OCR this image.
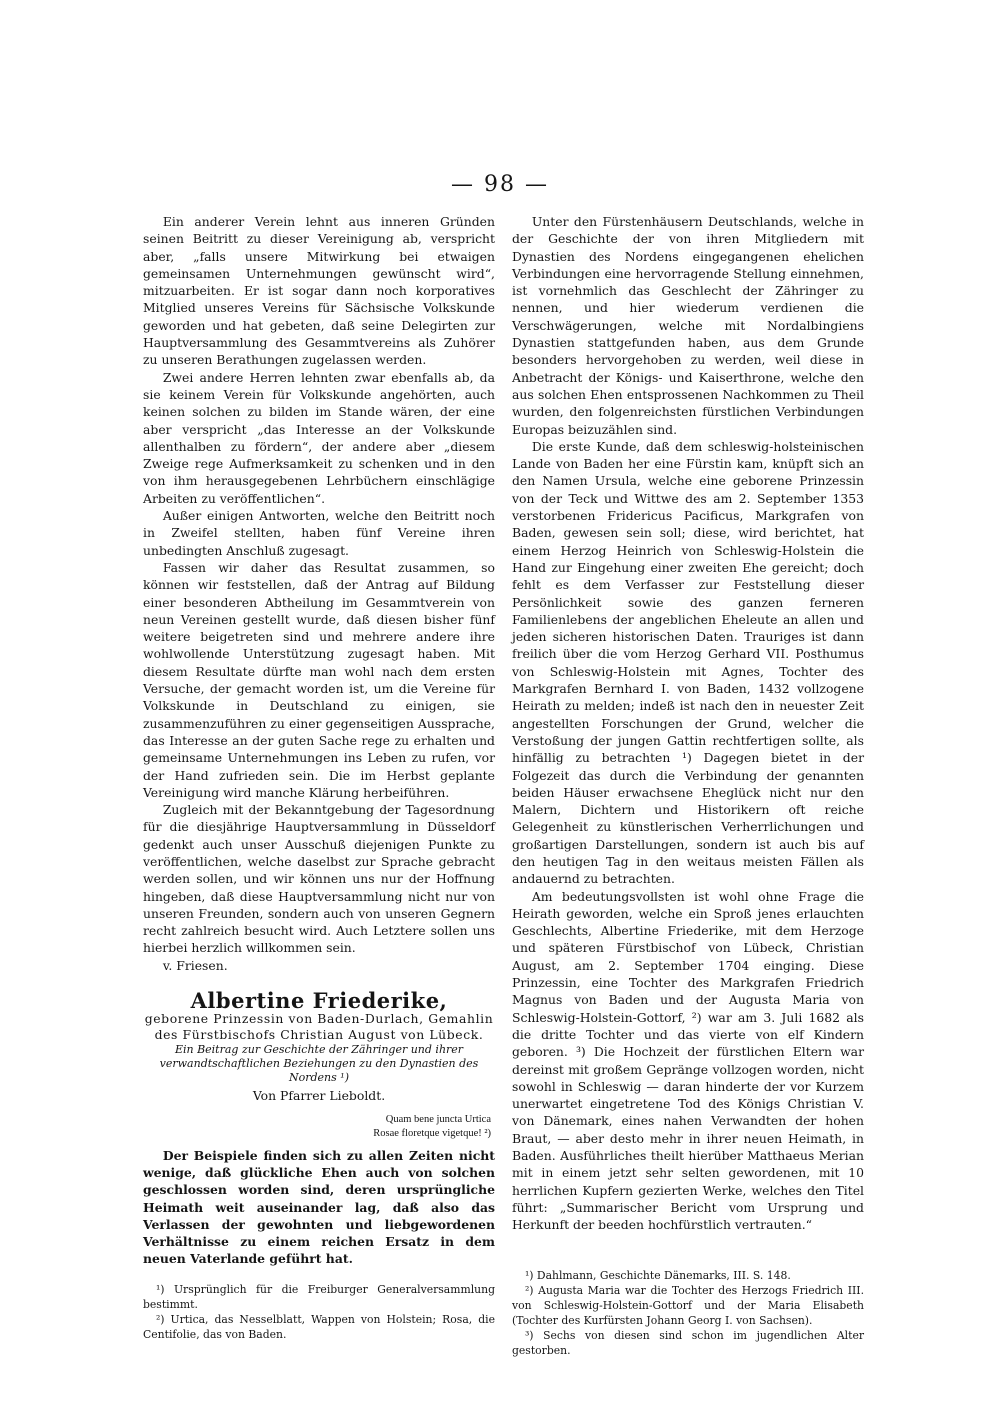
— 98 —

Ein anderer Verein lehnt aus inneren Gründen seinen Beitritt zu dieser Vereinigung ab, verspricht aber, „falls unsere Mitwirkung bei etwaigen gemeinsamen Unternehmungen gewünscht wird“, mitzuarbeiten. Er ist sogar dann noch korporatives Mitglied unseres Vereins für Sächsische Volkskunde geworden und hat gebeten, daß seine Delegirten zur Hauptversammlung des Gesammtvereins als Zuhörer zu unseren Berathungen zugelassen werden.

Zwei andere Herren lehnten zwar ebenfalls ab, da sie keinem Verein für Volkskunde angehörten, auch keinen solchen zu bilden im Stande wären, der eine aber verspricht „das Interesse an der Volkskunde allenthalben zu fördern“, der andere aber „diesem Zweige rege Aufmerksamkeit zu schenken und in den von ihm herausgegebenen Lehrbüchern einschlägige Arbeiten zu veröffentlichen“.

Außer einigen Antworten, welche den Beitritt noch in Zweifel stellten, haben fünf Vereine ihren unbedingten Anschluß zugesagt.

Fassen wir daher das Resultat zusammen, so können wir feststellen, daß der Antrag auf Bildung einer besonderen Abtheilung im Gesammtverein von neun Vereinen gestellt wurde, daß diesen bisher fünf weitere beigetreten sind und mehrere andere ihre wohlwollende Unterstützung zugesagt haben. Mit diesem Resultate dürfte man wohl nach dem ersten Versuche, der gemacht worden ist, um die Vereine für Volkskunde in Deutschland zu einigen, sie zusammenzuführen zu einer gegenseitigen Aussprache, das Interesse an der guten Sache rege zu erhalten und gemeinsame Unternehmungen ins Leben zu rufen, vor der Hand zufrieden sein. Die im Herbst geplante Vereinigung wird manche Klärung herbeiführen.

Zugleich mit der Bekanntgebung der Tagesordnung für die diesjährige Hauptversammlung in Düsseldorf gedenkt auch unser Ausschuß diejenigen Punkte zu veröffentlichen, welche daselbst zur Sprache gebracht werden sollen, und wir können uns nur der Hoffnung hingeben, daß diese Hauptversammlung nicht nur von unseren Freunden, sondern auch von unseren Gegnern recht zahlreich besucht wird. Auch Letztere sollen uns hierbei herzlich willkommen sein.

v. Friesen.

Albertine Friederike,
geborene Prinzessin von Baden-Durlach, Gemahlin des Fürstbischofs Christian August von Lübeck.
Ein Beitrag zur Geschichte der Zähringer und ihrer verwandtschaftlichen Beziehungen zu den Dynastien des Nordens ¹)
Von Pfarrer Lieboldt.
Quam bene juncta Urtica
Rosae floretque vigetque! ²)

Der Beispiele finden sich zu allen Zeiten nicht wenige, daß glückliche Ehen auch von solchen geschlossen worden sind, deren ursprüngliche Heimath weit auseinander lag, daß also das Verlassen der gewohnten und liebgewordenen Verhältnisse zu einem reichen Ersatz in dem neuen Vaterlande geführt hat.

¹) Ursprünglich für die Freiburger Generalversammlung bestimmt.

²) Urtica, das Nesselblatt, Wappen von Holstein; Rosa, die Centifolie, das von Baden.

Unter den Fürstenhäusern Deutschlands, welche in der Geschichte der von ihren Mitgliedern mit Dynastien des Nordens eingegangenen ehelichen Verbindungen eine hervorragende Stellung einnehmen, ist vornehmlich das Geschlecht der Zähringer zu nennen, und hier wiederum verdienen die Verschwägerungen, welche mit Nordalbingiens Dynastien stattgefunden haben, aus dem Grunde besonders hervorgehoben zu werden, weil diese in Anbetracht der Königs- und Kaiserthrone, welche den aus solchen Ehen entsprossenen Nachkommen zu Theil wurden, den folgenreichsten fürstlichen Verbindungen Europas beizuzählen sind.

Die erste Kunde, daß dem schleswig-holsteinischen Lande von Baden her eine Fürstin kam, knüpft sich an den Namen Ursula, welche eine geborene Prinzessin von der Teck und Wittwe des am 2. September 1353 verstorbenen Fridericus Pacificus, Markgrafen von Baden, gewesen sein soll; diese, wird berichtet, hat einem Herzog Heinrich von Schleswig-Holstein die Hand zur Eingehung einer zweiten Ehe gereicht; doch fehlt es dem Verfasser zur Feststellung dieser Persönlichkeit sowie des ganzen ferneren Familienlebens der angeblichen Eheleute an allen und jeden sicheren historischen Daten. Trauriges ist dann freilich über die vom Herzog Gerhard VII. Posthumus von Schleswig-Holstein mit Agnes, Tochter des Markgrafen Bernhard I. von Baden, 1432 vollzogene Heirath zu melden; indeß ist nach den in neuester Zeit angestellten Forschungen der Grund, welcher die Verstoßung der jungen Gattin rechtfertigen sollte, als hinfällig zu betrachten ¹) Dagegen bietet in der Folgezeit das durch die Verbindung der genannten beiden Häuser erwachsene Eheglück nicht nur den Malern, Dichtern und Historikern oft reiche Gelegenheit zu künstlerischen Verherrlichungen und großartigen Darstellungen, sondern ist auch bis auf den heutigen Tag in den weitaus meisten Fällen als andauernd zu betrachten.

Am bedeutungsvollsten ist wohl ohne Frage die Heirath geworden, welche ein Sproß jenes erlauchten Geschlechts, Albertine Friederike, mit dem Herzoge und späteren Fürstbischof von Lübeck, Christian August, am 2. September 1704 einging. Diese Prinzessin, eine Tochter des Markgrafen Friedrich Magnus von Baden und der Augusta Maria von Schleswig-Holstein-Gottorf, ²) war am 3. Juli 1682 als die dritte Tochter und das vierte von elf Kindern geboren. ³) Die Hochzeit der fürstlichen Eltern war dereinst mit großem Gepränge vollzogen worden, nicht sowohl in Schleswig — daran hinderte der vor Kurzem unerwartet eingetretene Tod des Königs Christian V. von Dänemark, eines nahen Verwandten der hohen Braut, — aber desto mehr in ihrer neuen Heimath, in Baden. Ausführliches theilt hierüber Matthaeus Merian mit in einem jetzt sehr selten gewordenen, mit 10 herrlichen Kupfern gezierten Werke, welches den Titel führt: „Summarischer Bericht vom Ursprung und Herkunft der beeden hochfürstlich vertrauten.“

¹) Dahlmann, Geschichte Dänemarks, III. S. 148.

²) Augusta Maria war die Tochter des Herzogs Friedrich III. von Schleswig-Holstein-Gottorf und der Maria Elisabeth (Tochter des Kurfürsten Johann Georg I. von Sachsen).

³) Sechs von diesen sind schon im jugendlichen Alter gestorben.
